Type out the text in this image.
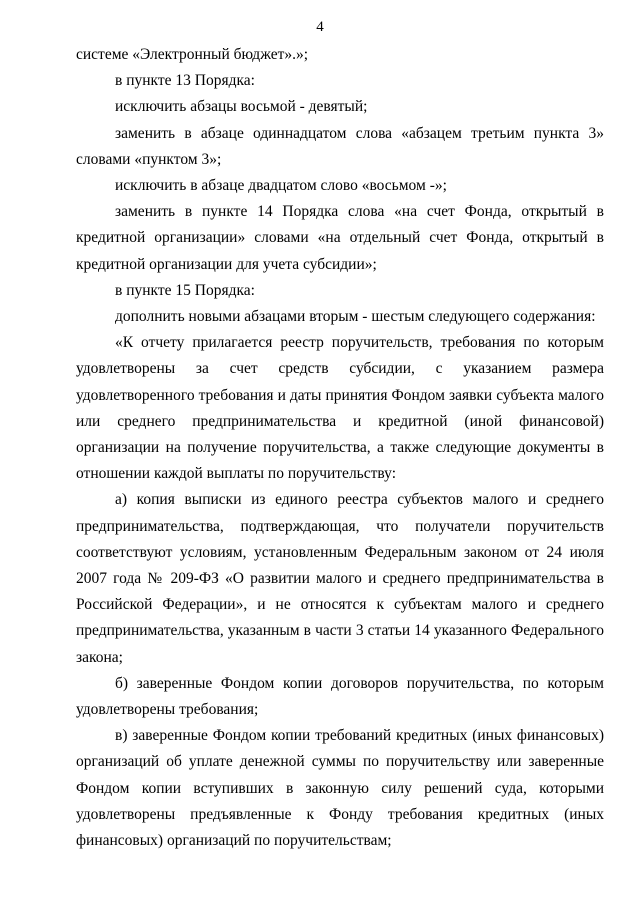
4

системе «Электронный бюджет».»;

в пункте 13 Порядка:

исключить абзацы восьмой - девятый;

заменить в абзаце одиннадцатом слова «абзацем третьим пункта 3» словами «пунктом 3»;

исключить в абзаце двадцатом слово «восьмом -»;

заменить в пункте 14 Порядка слова «на счет Фонда, открытый в кредитной организации» словами «на отдельный счет Фонда, открытый в кредитной организации для учета субсидии»;

в пункте 15 Порядка:

дополнить новыми абзацами вторым - шестым следующего содержания:

«К отчету прилагается реестр поручительств, требования по которым удовлетворены за счет средств субсидии, с указанием размера удовлетворенного требования и даты принятия Фондом заявки субъекта малого или среднего предпринимательства и кредитной (иной финансовой) организации на получение поручительства, а также следующие документы в отношении каждой выплаты по поручительству:

а) копия выписки из единого реестра субъектов малого и среднего предпринимательства, подтверждающая, что получатели поручительств соответствуют условиям, установленным Федеральным законом от 24 июля 2007 года № 209-ФЗ «О развитии малого и среднего предпринимательства в Российской Федерации», и не относятся к субъектам малого и среднего предпринимательства, указанным в части 3 статьи 14 указанного Федерального закона;

б) заверенные Фондом копии договоров поручительства, по которым удовлетворены требования;

в) заверенные Фондом копии требований кредитных (иных финансовых) организаций об уплате денежной суммы по поручительству или заверенные Фондом копии вступивших в законную силу решений суда, которыми удовлетворены предъявленные к Фонду требования кредитных (иных финансовых) организаций по поручительствам;
